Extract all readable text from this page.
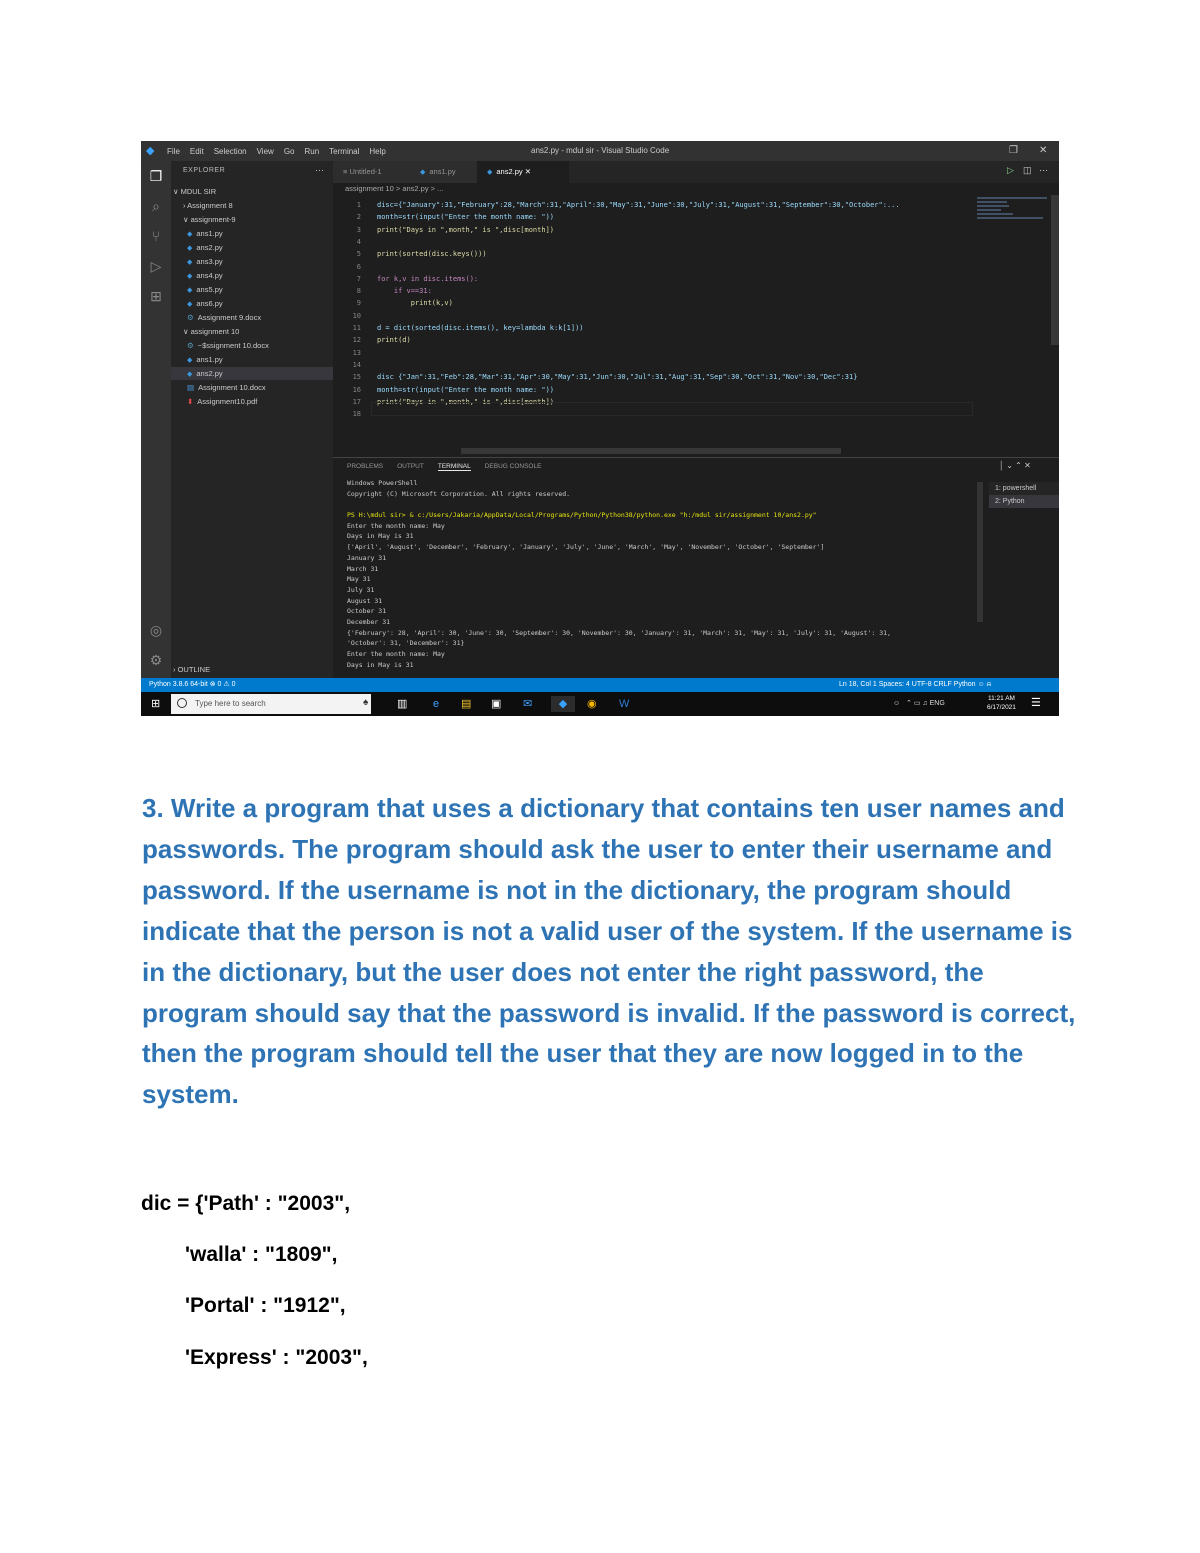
◆	File Edit Selection View Go Run Terminal Help	ans2.py - mdul sir - Visual Studio Code	❐ ✕
❐
⌕
⑂
▷
⊞
◎
⚙
EXPLORER	⋯
∨ MDUL SIR
› Assignment 8
∨ assignment-9
◆ ans1.py
◆ ans2.py
◆ ans3.py
◆ ans4.py
◆ ans5.py
◆ ans6.py
⚙ Assignment 9.docx
∨ assignment 10
⚙ ~$ssignment 10.docx
◆ ans1.py
◆ ans2.py
▤ Assignment 10.docx
⬍ Assignment10.pdf
› OUTLINE
≡ Untitled-1	◆ ans1.py	◆ ans2.py ✕	▷ ◫ ⋯
assignment 10 > ans2.py > ...
1 disc={"January":31,"February":28,"March":31,"April":30,"May":31,"June":30,"July":31,"August":31,"September":30,"October":...
2 month=str(input("Enter the month name: "))
3 print("Days in ",month," is ",disc[month])
4
5 print(sorted(disc.keys()))
6
7 for k,v in disc.items():
8    if v==31:
9        print(k,v)
10
11 d = dict(sorted(disc.items(), key=lambda k:k[1]))
12 print(d)
13
14
15 disc {"Jan":31,"Feb":28,"Mar":31,"Apr":30,"May":31,"Jun":30,"Jul":31,"Aug":31,"Sep":30,"Oct":31,"Nov":30,"Dec":31}
16 month=str(input("Enter the month name: "))
17 print("Days in ",month," is ",disc[month])
18
PROBLEMS OUTPUT TERMINAL DEBUG CONSOLE	│ ⌄ ⌃ ✕
Windows PowerShell
Copyright (C) Microsoft Corporation. All rights reserved.
PS H:\mdul sir> & c:/Users/Jakaria/AppData/Local/Programs/Python/Python38/python.exe "h:/mdul sir/assignment 10/ans2.py"
Enter the month name: May
Days in May is 31
['April', 'August', 'December', 'February', 'January', 'July', 'June', 'March', 'May', 'November', 'October', 'September']
January 31
March 31
May 31
July 31
August 31
October 31
December 31
{'February': 28, 'April': 30, 'June': 30, 'September': 30, 'November': 30, 'January': 31, 'March': 31, 'May': 31, 'July': 31, 'August': 31,
'October': 31, 'December': 31}
Enter the month name: May
Days in May is 31
1: powershell
2: Python
Python 3.8.6 64-bit ⊗ 0 ⚠ 0	Ln 18, Col 1 Spaces: 4 UTF-8 CRLF Python ☺ ⍾
⊞	Type here to search	♠	▥ e ▤ ▣ ✉	◆	◉ W	☺ ⌃ ▭ ♫ ENG
11:21 AM
6/17/2021 ☰

3. Write a program that uses a dictionary that contains ten user names and passwords. The program should ask the user to enter their username and password. If the username is not in the dictionary, the program should indicate that the person is not a valid user of the system. If the username is in the dictionary, but the user does not enter the right password, the program should say that the password is invalid. If the password is correct, then the program should tell the user that they are now logged in to the system.

dic = {'Path' : "2003",

'walla' : "1809",

'Portal' : "1912",

'Express' : "2003",
